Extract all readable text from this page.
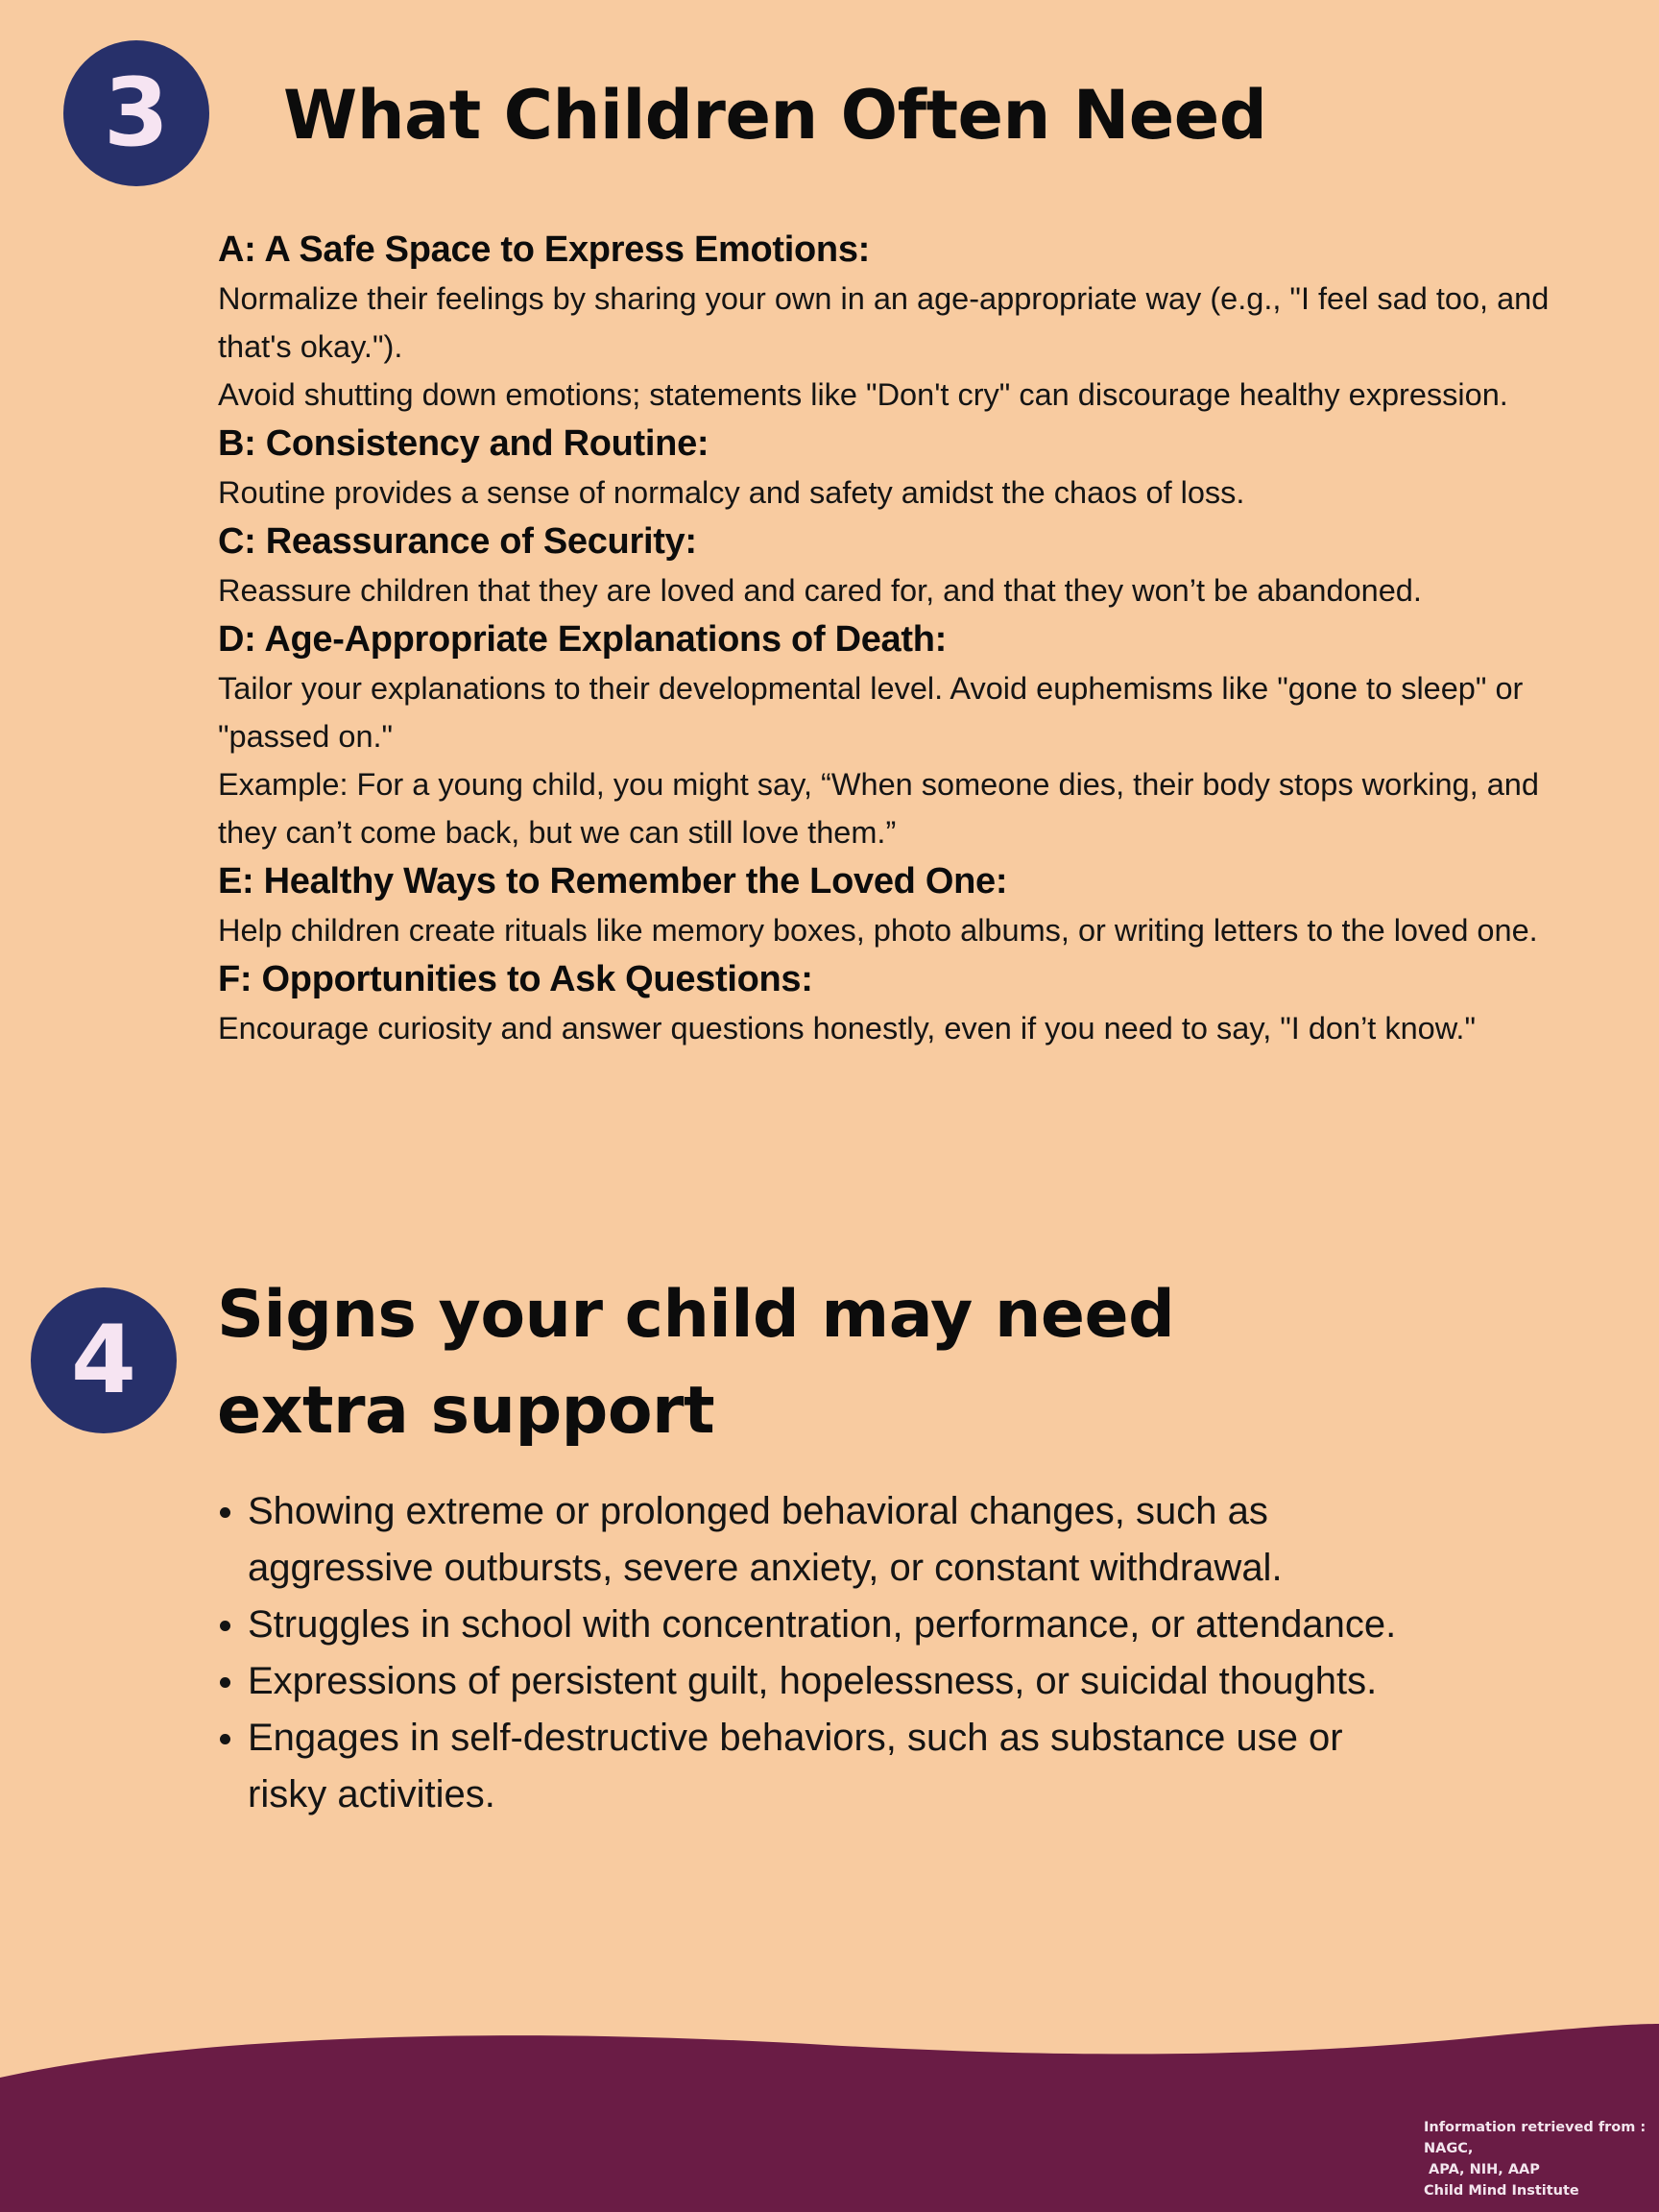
3	What Children Often Need
A: A Safe Space to Express Emotions:
Normalize their feelings by sharing your own in an age-appropriate way (e.g., "I feel sad too, and that's okay.").
Avoid shutting down emotions; statements like "Don't cry" can discourage healthy expression.
B: Consistency and Routine:
Routine provides a sense of normalcy and safety amidst the chaos of loss.
C: Reassurance of Security:
Reassure children that they are loved and cared for, and that they won’t be abandoned.
D: Age-Appropriate Explanations of Death:
Tailor your explanations to their developmental level. Avoid euphemisms like "gone to sleep" or "passed on."
Example: For a young child, you might say, “When someone dies, their body stops working, and they can’t come back, but we can still love them.”
E: Healthy Ways to Remember the Loved One:
Help children create rituals like memory boxes, photo albums, or writing letters to the loved one.
F: Opportunities to Ask Questions:
Encourage curiosity and answer questions honestly, even if you need to say, "I don’t know."
4	Signs your child may need extra support
Showing extreme or prolonged behavioral changes, such as aggressive outbursts, severe anxiety, or constant withdrawal.
Struggles in school with concentration, performance, or attendance.
Expressions of persistent guilt, hopelessness, or suicidal thoughts.
Engages in self-destructive behaviors, such as substance use or risky activities.
Information retrieved from :
NAGC,
APA, NIH, AAP
Child Mind Institute
